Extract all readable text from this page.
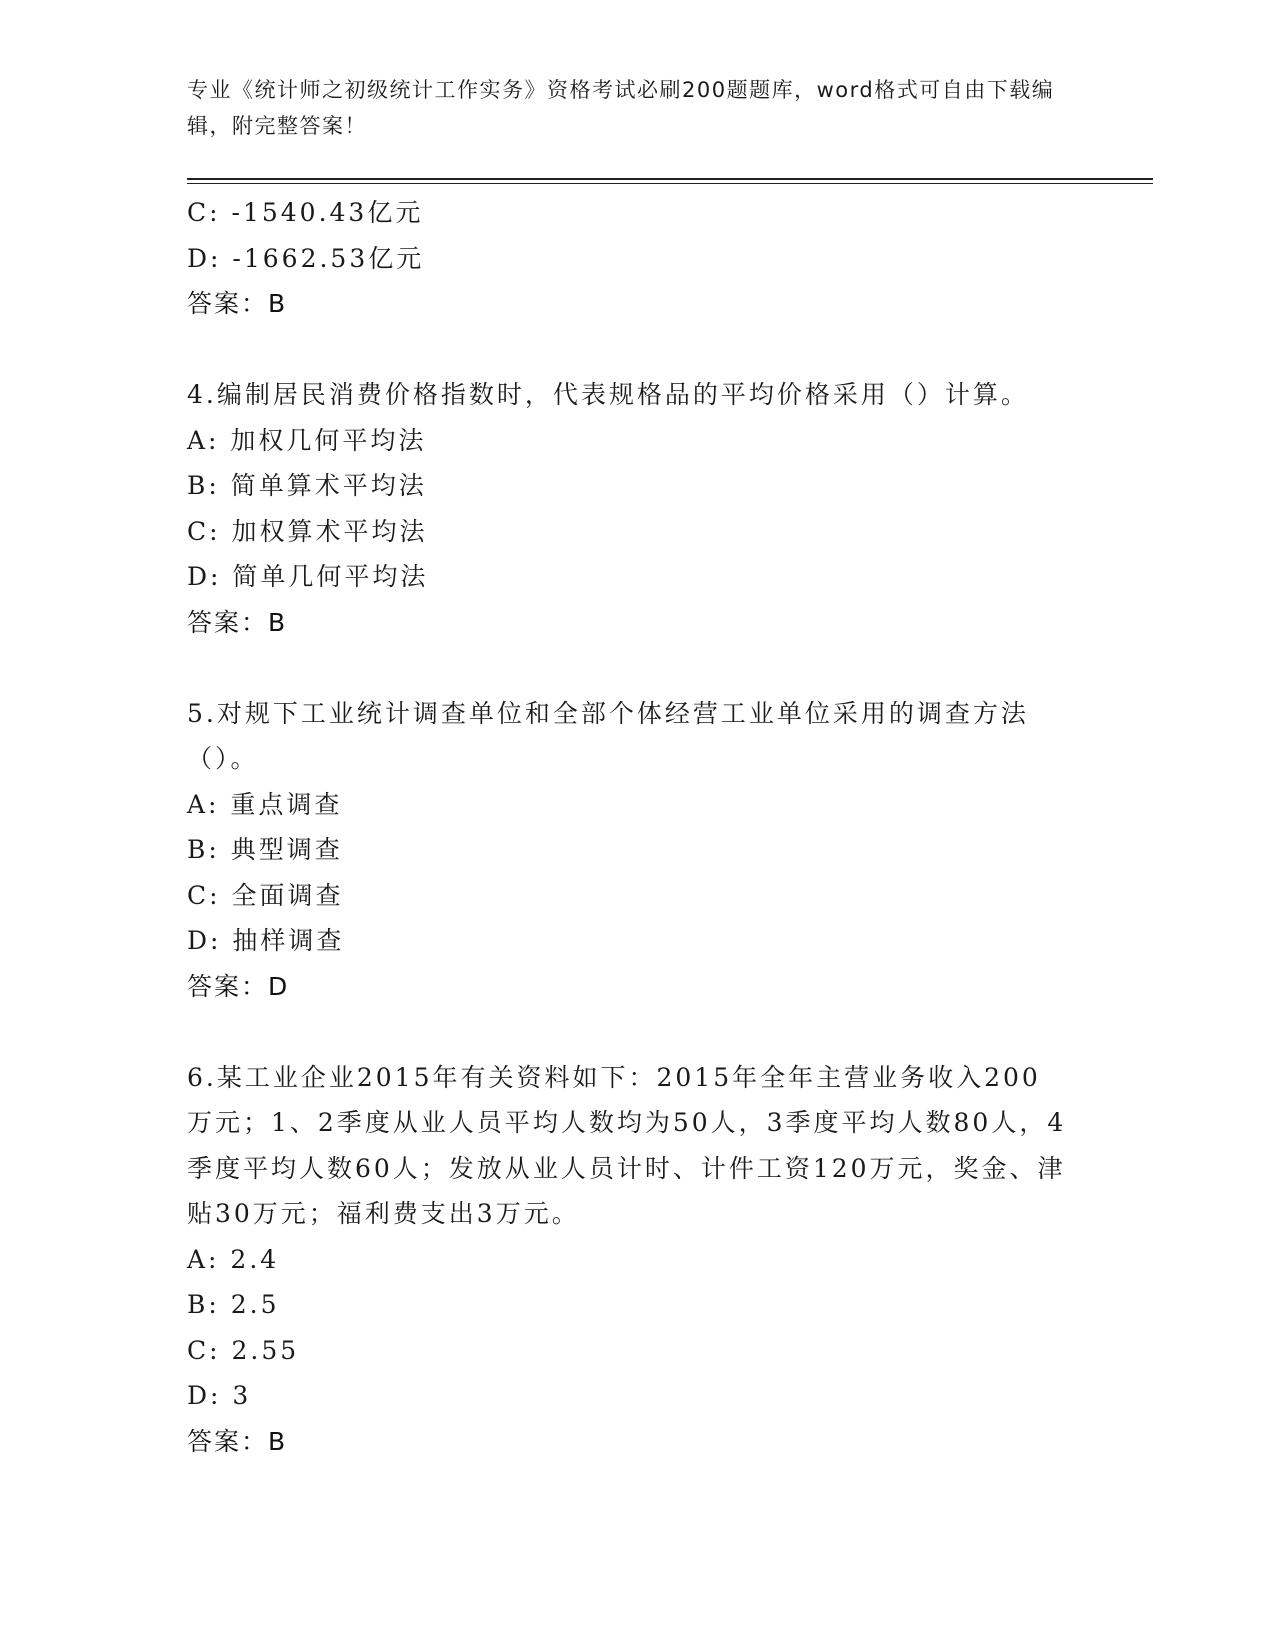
专业《统计师之初级统计工作实务》资格考试必刷200题题库，word格式可自由下载编辑，附完整答案！
C: -1540.43亿元
D: -1662.53亿元
答案：B
4.编制居民消费价格指数时，代表规格品的平均价格采用（）计算。
A: 加权几何平均法
B: 简单算术平均法
C: 加权算术平均法
D: 简单几何平均法
答案：B
5.对规下工业统计调查单位和全部个体经营工业单位采用的调查方法（）。
A: 重点调查
B: 典型调查
C: 全面调查
D: 抽样调查
答案：D
6.某工业企业2015年有关资料如下：2015年全年主营业务收入200万元；1、2季度从业人员平均人数均为50人，3季度平均人数80人，4季度平均人数60人；发放从业人员计时、计件工资120万元，奖金、津贴30万元；福利费支出3万元。
A: 2.4
B: 2.5
C: 2.55
D: 3
答案：B
